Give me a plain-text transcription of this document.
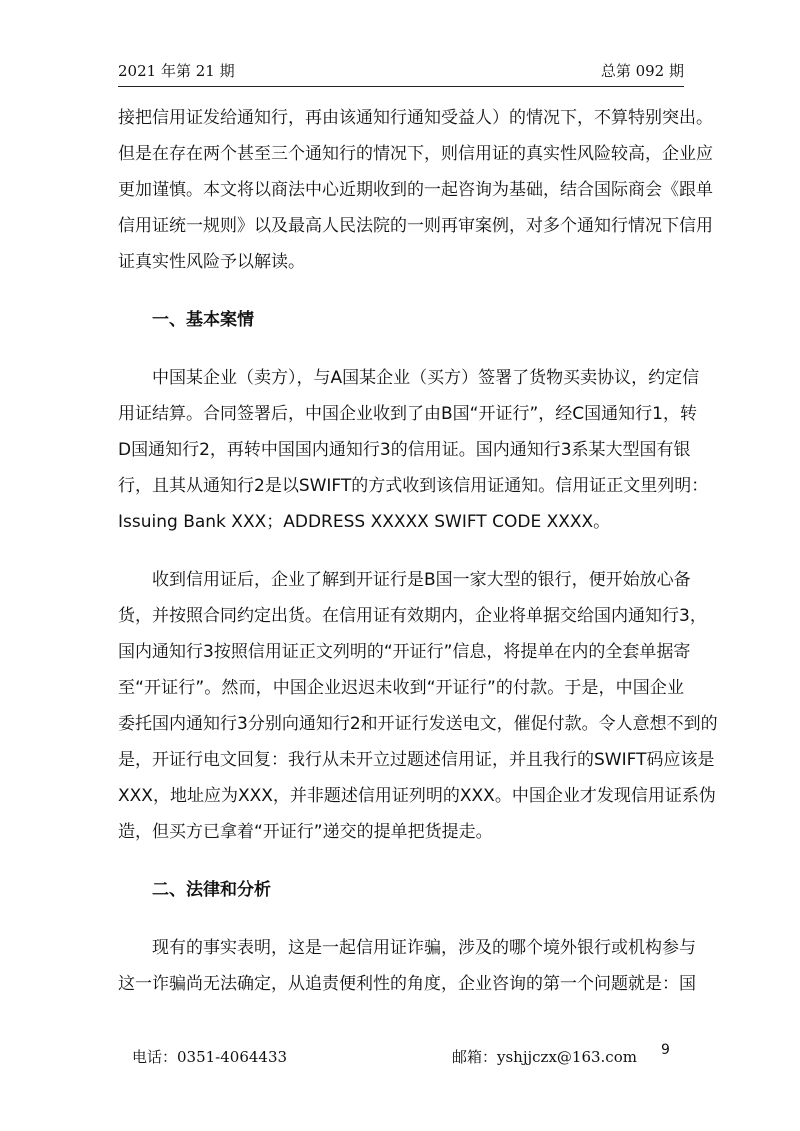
2021 年第 21 期	总第 092 期
接把信用证发给通知行，再由该通知行通知受益人）的情况下，不算特别突出。
但是在存在两个甚至三个通知行的情况下，则信用证的真实性风险较高，企业应
更加谨慎。本文将以商法中心近期收到的一起咨询为基础，结合国际商会《跟单
信用证统一规则》以及最高人民法院的一则再审案例，对多个通知行情况下信用
证真实性风险予以解读。
一、基本案情
中国某企业（卖方），与A国某企业（买方）签署了货物买卖协议，约定信
用证结算。合同签署后，中国企业收到了由B国“开证行”，经C国通知行1，转
D国通知行2，再转中国国内通知行3的信用证。国内通知行3系某大型国有银
行，且其从通知行2是以SWIFT的方式收到该信用证通知。信用证正文里列明：
Issuing Bank XXX；ADDRESS XXXXX SWIFT CODE XXXX。
收到信用证后，企业了解到开证行是B国一家大型的银行，便开始放心备
货，并按照合同约定出货。在信用证有效期内，企业将单据交给国内通知行3，
国内通知行3按照信用证正文列明的“开证行”信息，将提单在内的全套单据寄
至“开证行”。然而，中国企业迟迟未收到“开证行”的付款。于是，中国企业
委托国内通知行3分别向通知行2和开证行发送电文，催促付款。令人意想不到的
是，开证行电文回复：我行从未开立过题述信用证，并且我行的SWIFT码应该是
XXX，地址应为XXX，并非题述信用证列明的XXX。中国企业才发现信用证系伪
造，但买方已拿着“开证行”递交的提单把货提走。
二、法律和分析
现有的事实表明，这是一起信用证诈骗，涉及的哪个境外银行或机构参与
这一诈骗尚无法确定，从追责便利性的角度，企业咨询的第一个问题就是：国
电话：0351-4064433	邮箱：yshjjczx@163.com 9
